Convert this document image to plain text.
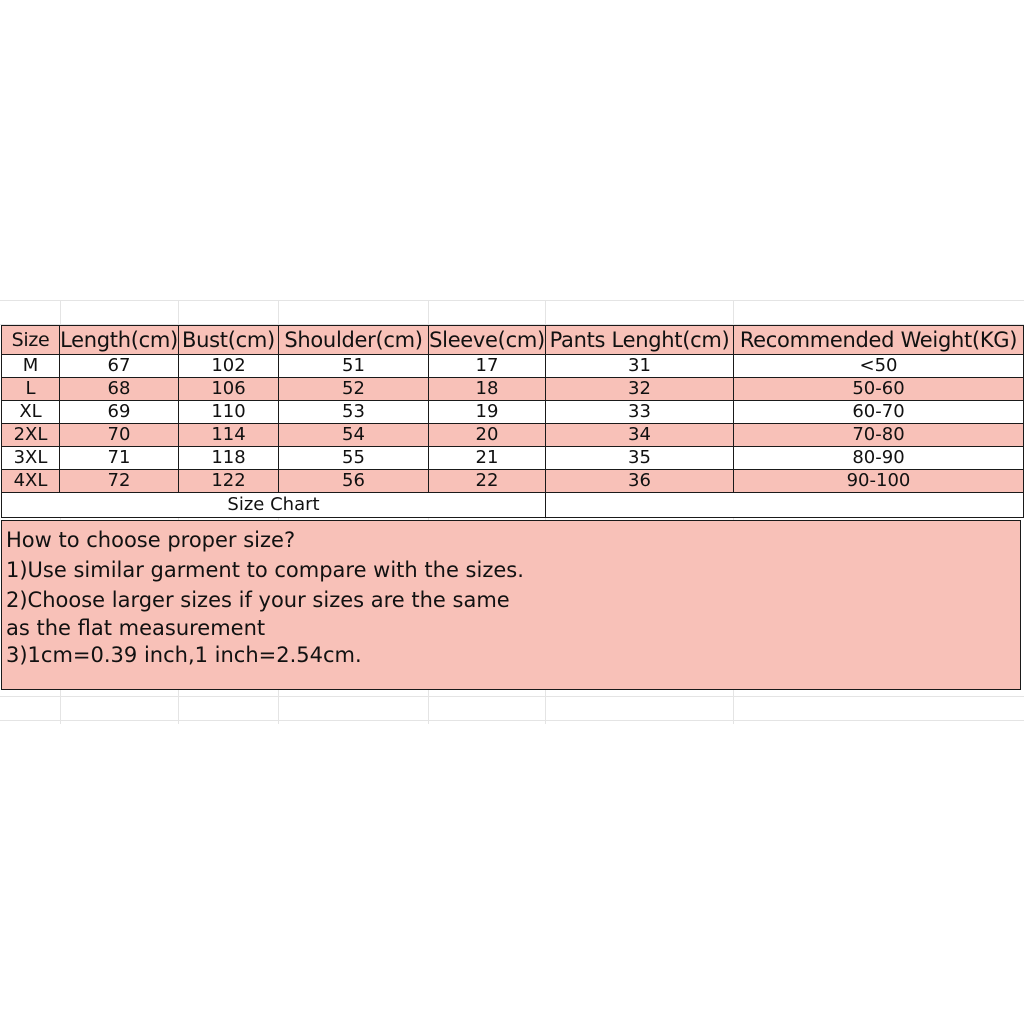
Size	Length(cm)	Bust(cm)	Shoulder(cm)	Sleeve(cm)	Pants Lenght(cm)	Recommended Weight(KG)
M	67	102	51	17	31	<50
L	68	106	52	18	32	50-60
XL	69	110	53	19	33	60-70
2XL	70	114	54	20	34	70-80
3XL	71	118	55	21	35	80-90
4XL	72	122	56	22	36	90-100
Size Chart						
How to choose proper size?
1)Use similar garment to compare with the sizes.
2)Choose larger sizes if your sizes are the same
as the flat measurement
3)1cm=0.39 inch,1 inch=2.54cm.
